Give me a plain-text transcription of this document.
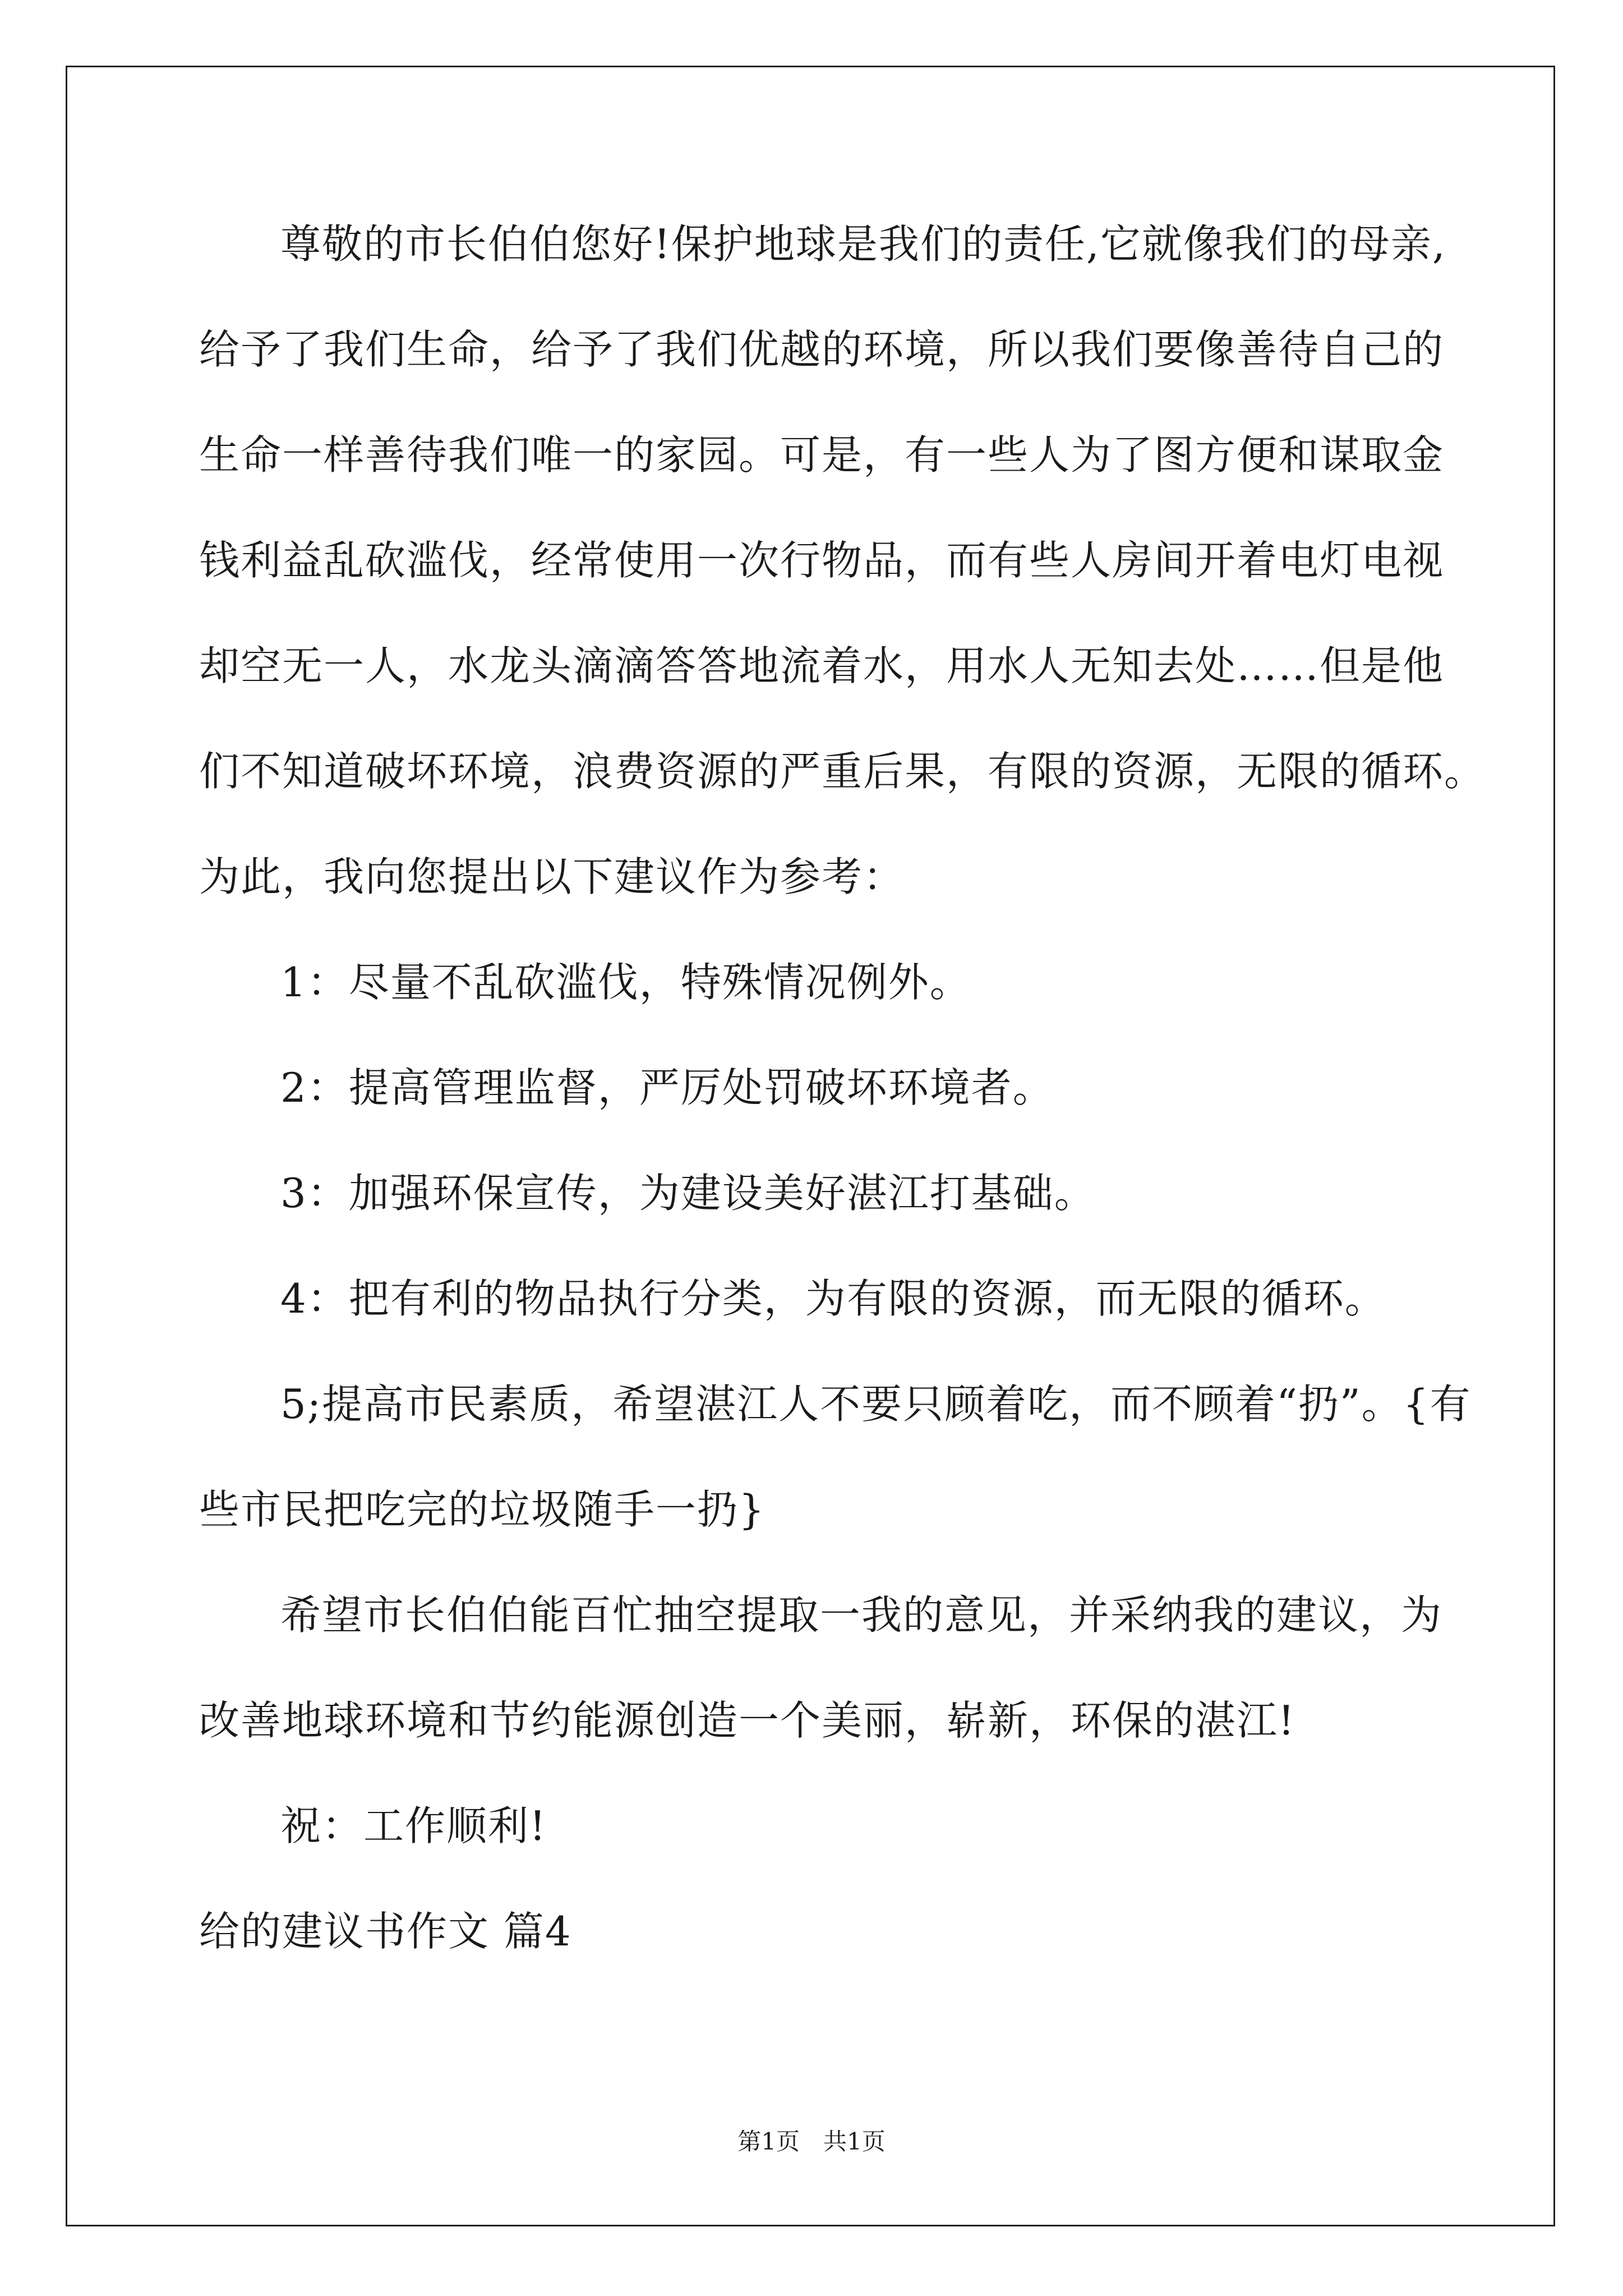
尊敬的市长伯伯您好!保护地球是我们的责任,它就像我们的母亲,
给予了我们生命，给予了我们优越的环境，所以我们要像善待自己的
生命一样善待我们唯一的家园。可是，有一些人为了图方便和谋取金
钱利益乱砍滥伐，经常使用一次行物品，而有些人房间开着电灯电视
却空无一人，水龙头滴滴答答地流着水，用水人无知去处……但是他
们不知道破坏环境，浪费资源的严重后果，有限的资源，无限的循环。
为此，我向您提出以下建议作为参考：
1：尽量不乱砍滥伐，特殊情况例外。
2：提高管理监督，严厉处罚破坏环境者。
3：加强环保宣传，为建设美好湛江打基础。
4：把有利的物品执行分类，为有限的资源，而无限的循环。
5;提高市民素质，希望湛江人不要只顾着吃，而不顾着“扔”。{有
些市民把吃完的垃圾随手一扔}
希望市长伯伯能百忙抽空提取一我的意见，并采纳我的建议，为
改善地球环境和节约能源创造一个美丽，崭新，环保的湛江!
祝：工作顺利!
给的建议书作文 篇4
第1页　共1页
